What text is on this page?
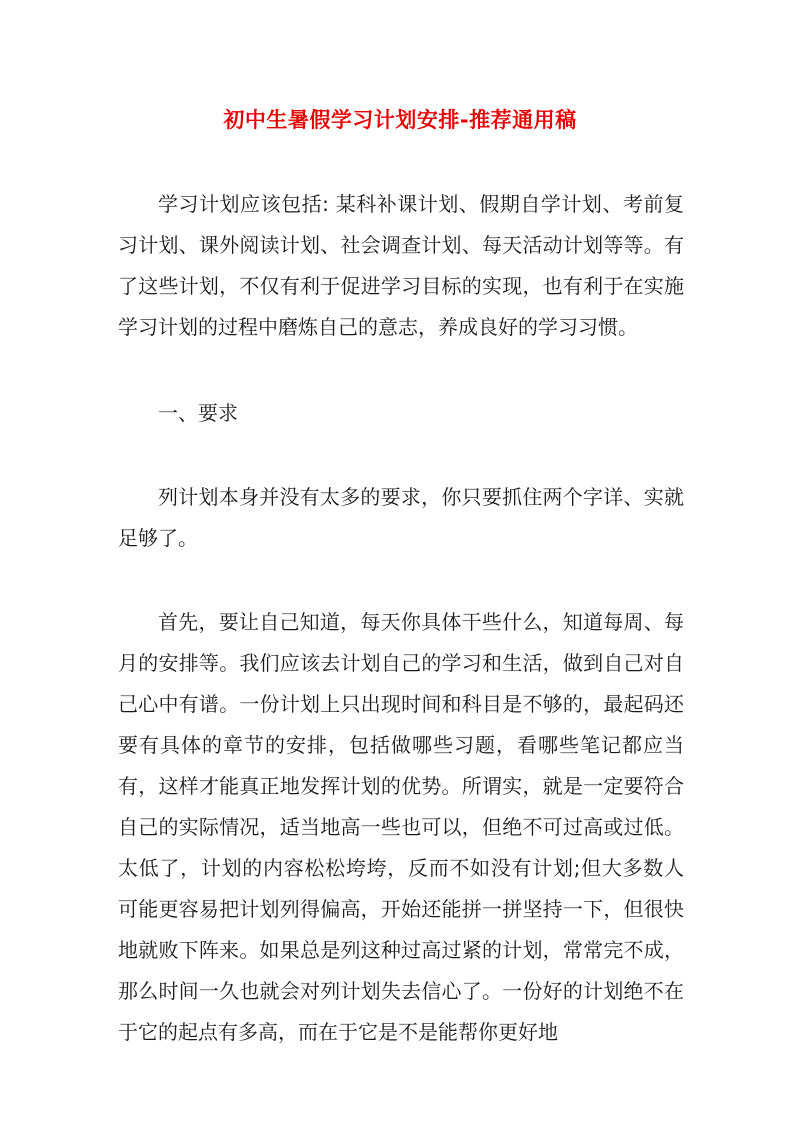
初中生暑假学习计划安排-推荐通用稿

学习计划应该包括: 某科补课计划、假期自学计划、考前复习计划、课外阅读计划、社会调查计划、每天活动计划等等。有了这些计划，不仅有利于促进学习目标的实现，也有利于在实施学习计划的过程中磨炼自己的意志，养成良好的学习习惯。

一、要求

列计划本身并没有太多的要求，你只要抓住两个字详、实就足够了。

首先，要让自己知道，每天你具体干些什么，知道每周、每月的安排等。我们应该去计划自己的学习和生活，做到自己对自己心中有谱。一份计划上只出现时间和科目是不够的，最起码还要有具体的章节的安排，包括做哪些习题，看哪些笔记都应当有，这样才能真正地发挥计划的优势。所谓实，就是一定要符合自己的实际情况，适当地高一些也可以，但绝不可过高或过低。太低了，计划的内容松松垮垮，反而不如没有计划;但大多数人可能更容易把计划列得偏高，开始还能拼一拼坚持一下，但很快地就败下阵来。如果总是列这种过高过紧的计划，常常完不成，那么时间一久也就会对列计划失去信心了。一份好的计划绝不在于它的起点有多高，而在于它是不是能帮你更好地
